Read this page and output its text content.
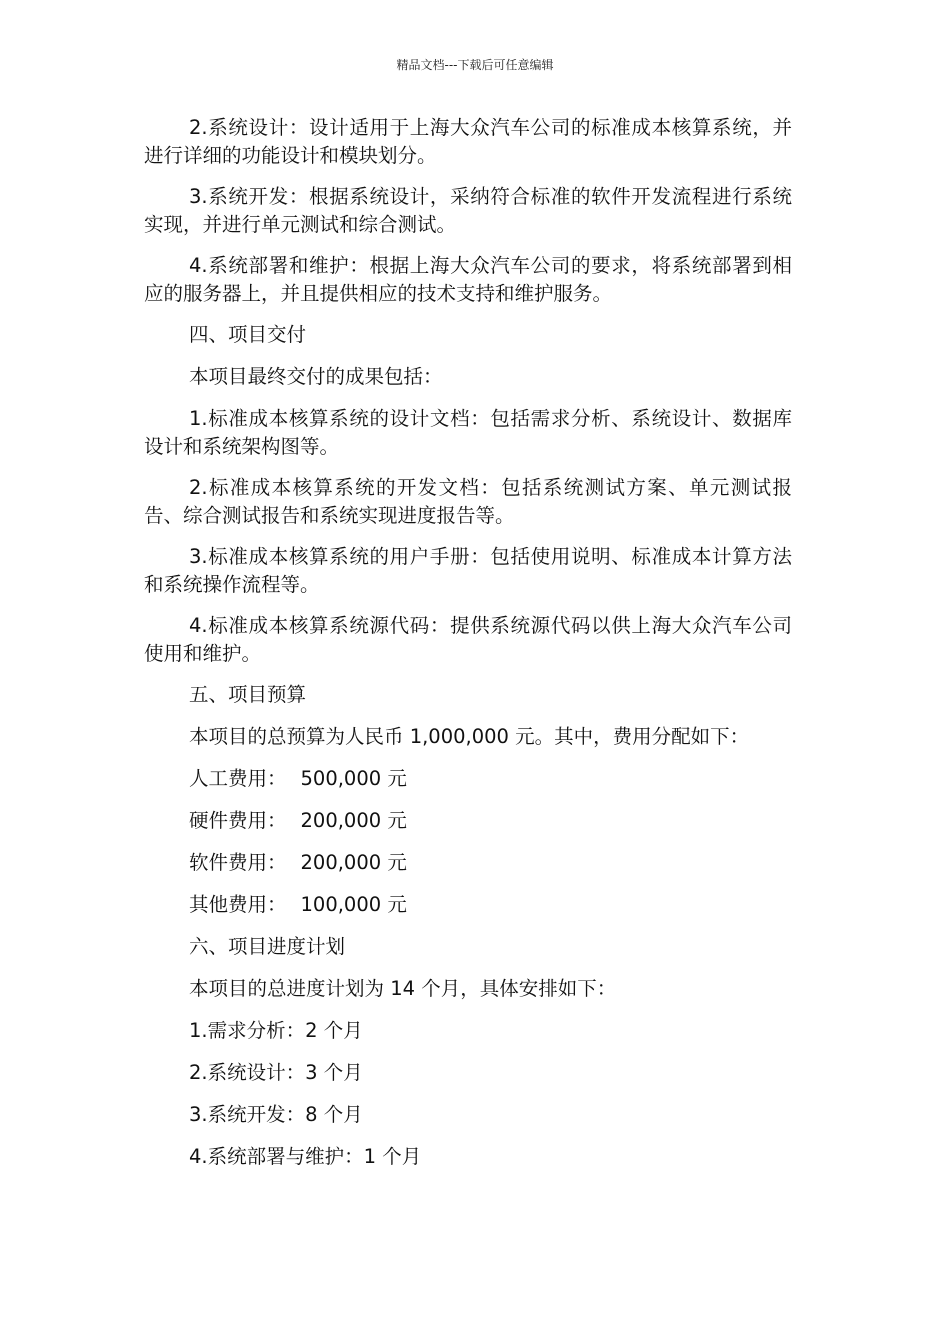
精品文档---下载后可任意编辑

2.系统设计：设计适用于上海大众汽车公司的标准成本核算系统，并进行详细的功能设计和模块划分。

3.系统开发：根据系统设计，采纳符合标准的软件开发流程进行系统实现，并进行单元测试和综合测试。

4.系统部署和维护：根据上海大众汽车公司的要求，将系统部署到相应的服务器上，并且提供相应的技术支持和维护服务。

四、项目交付

本项目最终交付的成果包括：

1.标准成本核算系统的设计文档：包括需求分析、系统设计、数据库设计和系统架构图等。

2.标准成本核算系统的开发文档：包括系统测试方案、单元测试报告、综合测试报告和系统实现进度报告等。

3.标准成本核算系统的用户手册：包括使用说明、标准成本计算方法和系统操作流程等。

4.标准成本核算系统源代码：提供系统源代码以供上海大众汽车公司使用和维护。

五、项目预算

本项目的总预算为人民币 1,000,000 元。其中，费用分配如下：

人工费用： 500,000 元

硬件费用： 200,000 元

软件费用： 200,000 元

其他费用： 100,000 元

六、项目进度计划

本项目的总进度计划为 14 个月，具体安排如下：

1.需求分析：2 个月

2.系统设计：3 个月

3.系统开发：8 个月

4.系统部署与维护：1 个月
